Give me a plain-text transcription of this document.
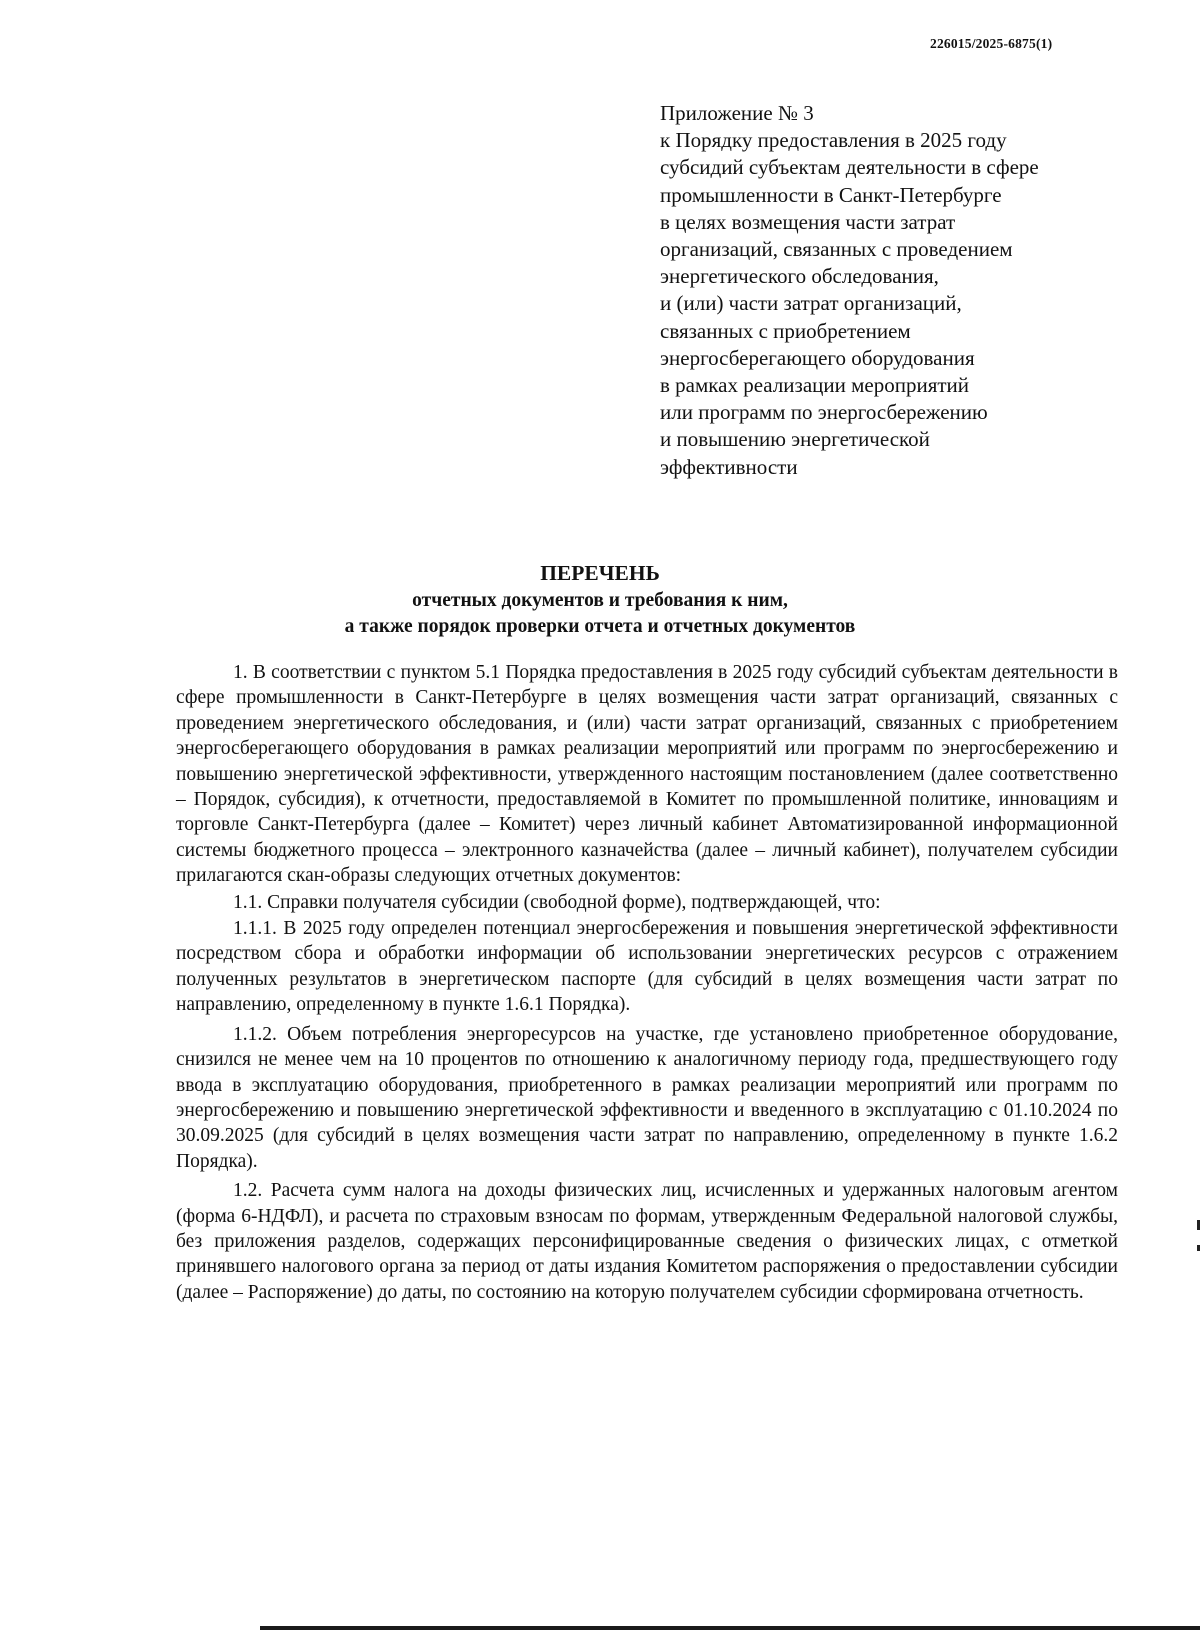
226015/2025-6875(1)
Приложение № 3
к Порядку предоставления в 2025 году
субсидий субъектам деятельности в сфере
промышленности в Санкт-Петербурге
в целях возмещения части затрат
организаций, связанных с проведением
энергетического обследования,
и (или) части затрат организаций,
связанных с приобретением
энергосберегающего оборудования
в рамках реализации мероприятий
или программ по энергосбережению
и повышению энергетической
эффективности
ПЕРЕЧЕНЬ
отчетных документов и требования к ним,
а также порядок проверки отчета и отчетных документов

1. В соответствии с пунктом 5.1 Порядка предоставления в 2025 году субсидий субъектам деятельности в сфере промышленности в Санкт-Петербурге в целях возмещения части затрат организаций, связанных с проведением энергетического обследования, и (или) части затрат организаций, связанных с приобретением энергосберегающего оборудования в рамках реализации мероприятий или программ по энергосбережению и повышению энергетической эффективности, утвержденного настоящим постановлением (далее соответственно – Порядок, субсидия), к отчетности, предоставляемой в Комитет по промышленной политике, инновациям и торговле Санкт-Петербурга (далее – Комитет) через личный кабинет Автоматизированной информационной системы бюджетного процесса – электронного казначейства (далее – личный кабинет), получателем субсидии прилагаются скан-образы следующих отчетных документов:

1.1. Справки получателя субсидии (свободной форме), подтверждающей, что:

1.1.1. В 2025 году определен потенциал энергосбережения и повышения энергетической эффективности посредством сбора и обработки информации об использовании энергетических ресурсов с отражением полученных результатов в энергетическом паспорте (для субсидий в целях возмещения части затрат по направлению, определенному в пункте 1.6.1 Порядка).

1.1.2. Объем потребления энергоресурсов на участке, где установлено приобретенное оборудование, снизился не менее чем на 10 процентов по отношению к аналогичному периоду года, предшествующего году ввода в эксплуатацию оборудования, приобретенного в рамках реализации мероприятий или программ по энергосбережению и повышению энергетической эффективности и введенного в эксплуатацию с 01.10.2024 по 30.09.2025 (для субсидий в целях возмещения части затрат по направлению, определенному в пункте 1.6.2 Порядка).

1.2. Расчета сумм налога на доходы физических лиц, исчисленных и удержанных налоговым агентом (форма 6-НДФЛ), и расчета по страховым взносам по формам, утвержденным Федеральной налоговой службы, без приложения разделов, содержащих персонифицированные сведения о физических лицах, с отметкой принявшего налогового органа за период от даты издания Комитетом распоряжения о предоставлении субсидии (далее – Распоряжение) до даты, по состоянию на которую получателем субсидии сформирована отчетность.
